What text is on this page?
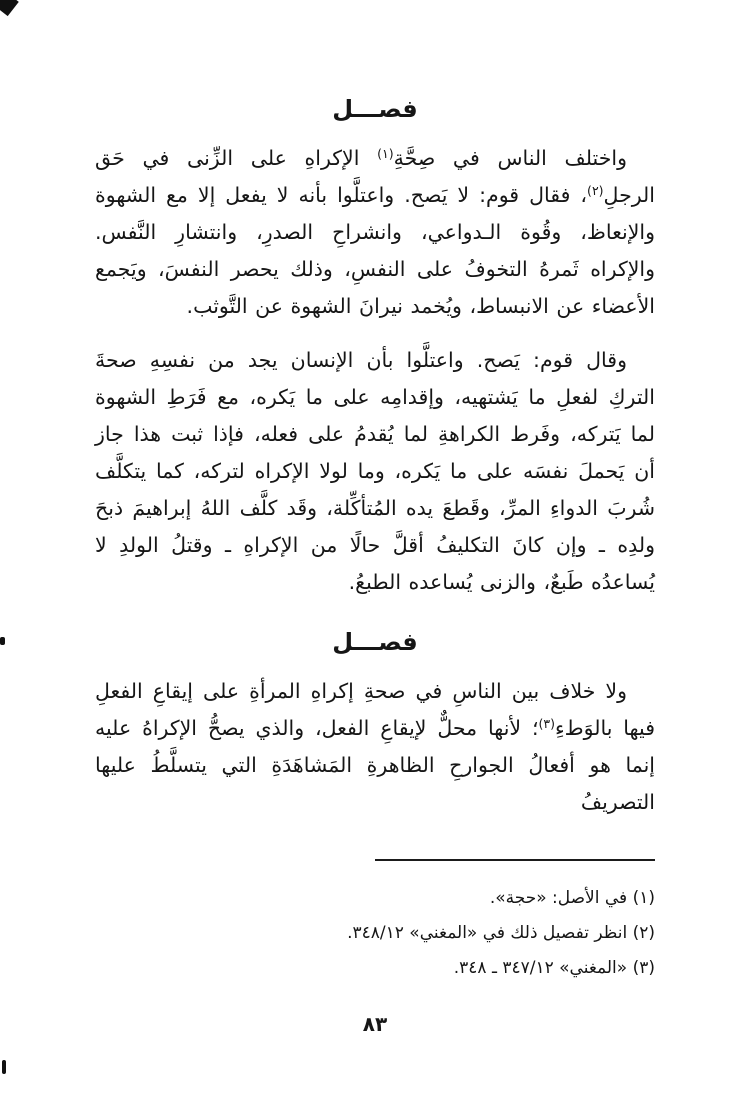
فصـــل

واختلف الناس في صِحَّةِ$^{(١)}$ الإكراهِ على الزِّنى في حَق الرجلِ$^{(٢)}$، فقال قوم: لا يَصح. واعتلَّوا بأنه لا يفعل إلا مع الشهوة والإنعاظ، وقُوة الـدواعي، وانشراحِ الصدرِ، وانتشارِ النَّفس. والإكراه ثَمرهُ التخوفُ على النفسِ، وذلك يحصر النفسَ، ويَجمع الأعضاء عن الانبساط، ويُخمد نيرانَ الشهوة عن التَّوثب.

وقال قوم: يَصح. واعتلَّوا بأن الإنسان يجد من نفسِهِ صحةَ التركِ لفعلِ ما يَشتهيه، وإقدامِه على ما يَكره، مع فَرَطِ الشهوة لما يَتركه، وفَرط الكراهةِ لما يُقدمُ على فعله، فإذا ثبت هذا جاز أن يَحملَ نفسَه على ما يَكره، وما لولا الإكراه لتركه، كما يتكلَّف شُربَ الدواءِ المرِّ، وقَطعَ يده المُتأكِّلة، وقَد كلَّف اللهُ إبراهيمَ ذبحَ ولدِه ـ وإن كانَ التكليفُ أقلَّ حالًا من الإكراهِ ـ وقتلُ الولدِ لا يُساعدُه طَبعٌ، والزنى يُساعده الطبعُ.

فصـــل

ولا خلاف بين الناسِ في صحةِ إكراهِ المرأةِ على إيقاعِ الفعلِ فيها بالوَطءِ$^{(٣)}$؛ لأنها محلٌّ لإيقاعِ الفعل، والذي يصحُّ الإكراهُ عليه إنما هو أفعالُ الجوارحِ الظاهرةِ المَشاهَدَةِ التي يتسلَّطُ عليها التصريفُ

(١) في الأصل: «حجة».

(٢) انظر تفصيل ذلك في «المغني» ٣٤٨/١٢.

(٣) «المغني» ٣٤٧/١٢ ـ ٣٤٨.

٨٣
